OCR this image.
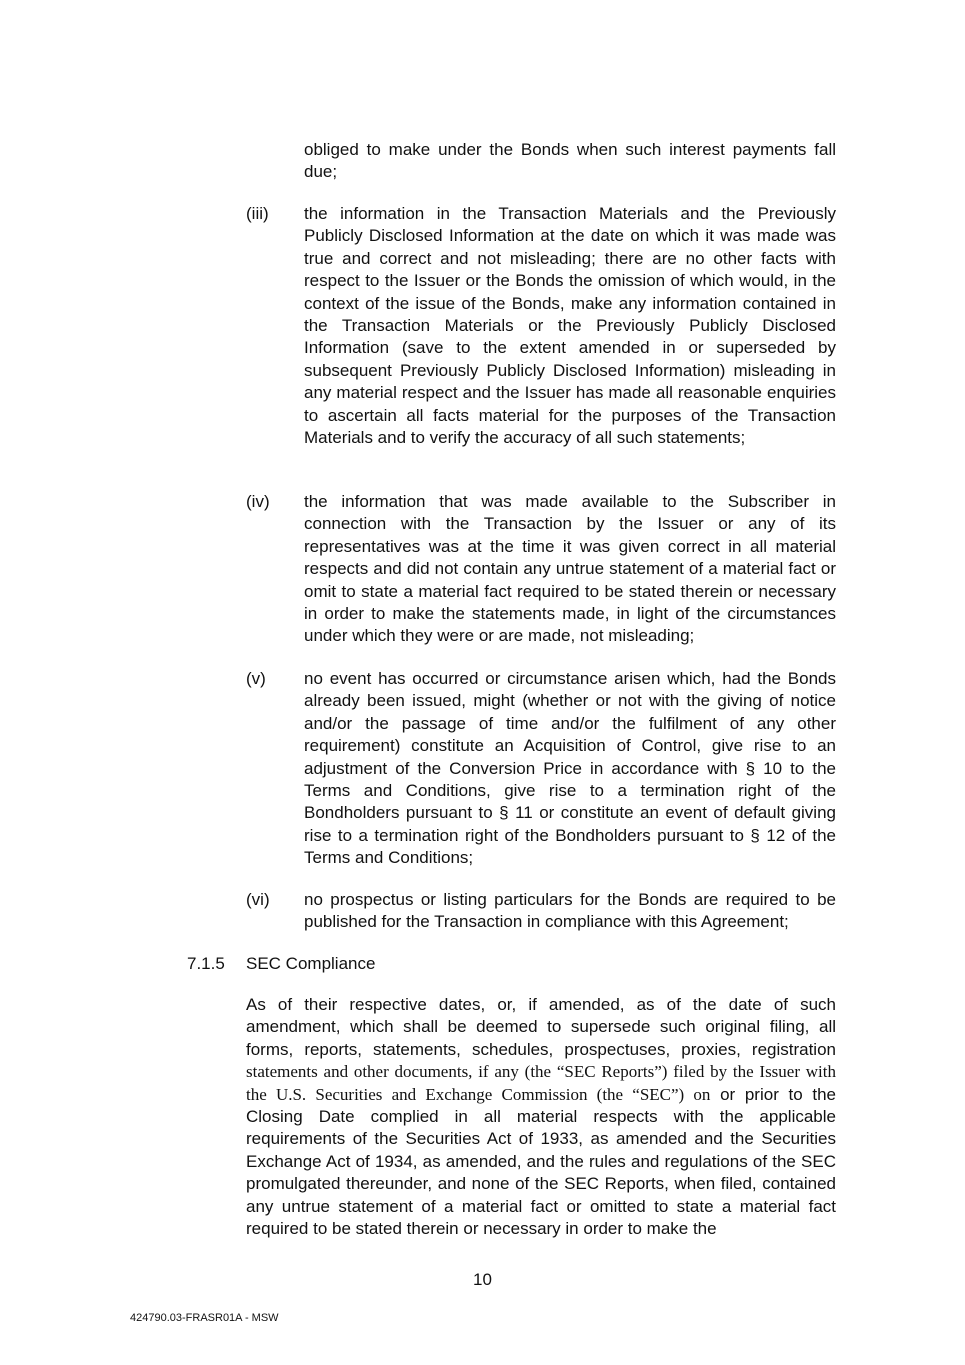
obliged to make under the Bonds when such interest payments fall due;

(iii) the information in the Transaction Materials and the Previously Publicly Disclosed Information at the date on which it was made was true and correct and not misleading; there are no other facts with respect to the Issuer or the Bonds the omission of which would, in the context of the issue of the Bonds, make any information contained in the Transaction Materials or the Previously Publicly Disclosed Information (save to the extent amended in or superseded by subsequent Previously Publicly Disclosed Information) misleading in any material respect and the Issuer has made all reasonable enquiries to ascertain all facts material for the purposes of the Transaction Materials and to verify the accuracy of all such statements;

(iv) the information that was made available to the Subscriber in connection with the Transaction by the Issuer or any of its representatives was at the time it was given correct in all material respects and did not contain any untrue statement of a material fact or omit to state a material fact required to be stated therein or necessary in order to make the statements made, in light of the circumstances under which they were or are made, not misleading;

(v) no event has occurred or circumstance arisen which, had the Bonds already been issued, might (whether or not with the giving of notice and/or the passage of time and/or the fulfilment of any other requirement) constitute an Acquisition of Control, give rise to an adjustment of the Conversion Price in accordance with § 10 to the Terms and Conditions, give rise to a termination right of the Bondholders pursuant to § 11 or constitute an event of default giving rise to a termination right of the Bondholders pursuant to § 12 of the Terms and Conditions;

(vi) no prospectus or listing particulars for the Bonds are required to be published for the Transaction in compliance with this Agreement;

7.1.5 SEC Compliance

As of their respective dates, or, if amended, as of the date of such amendment, which shall be deemed to supersede such original filing, all forms, reports, statements, schedules, prospectuses, proxies, registration statements and other documents, if any (the “SEC Reports”) filed by the Issuer with the U.S. Securities and Exchange Commission (the “SEC”) on or prior to the Closing Date complied in all material respects with the applicable requirements of the Securities Act of 1933, as amended and the Securities Exchange Act of 1934, as amended, and the rules and regulations of the SEC promulgated thereunder, and none of the SEC Reports, when filed, contained any untrue statement of a material fact or omitted to state a material fact required to be stated therein or necessary in order to make the

10
424790.03-FRASR01A - MSW
